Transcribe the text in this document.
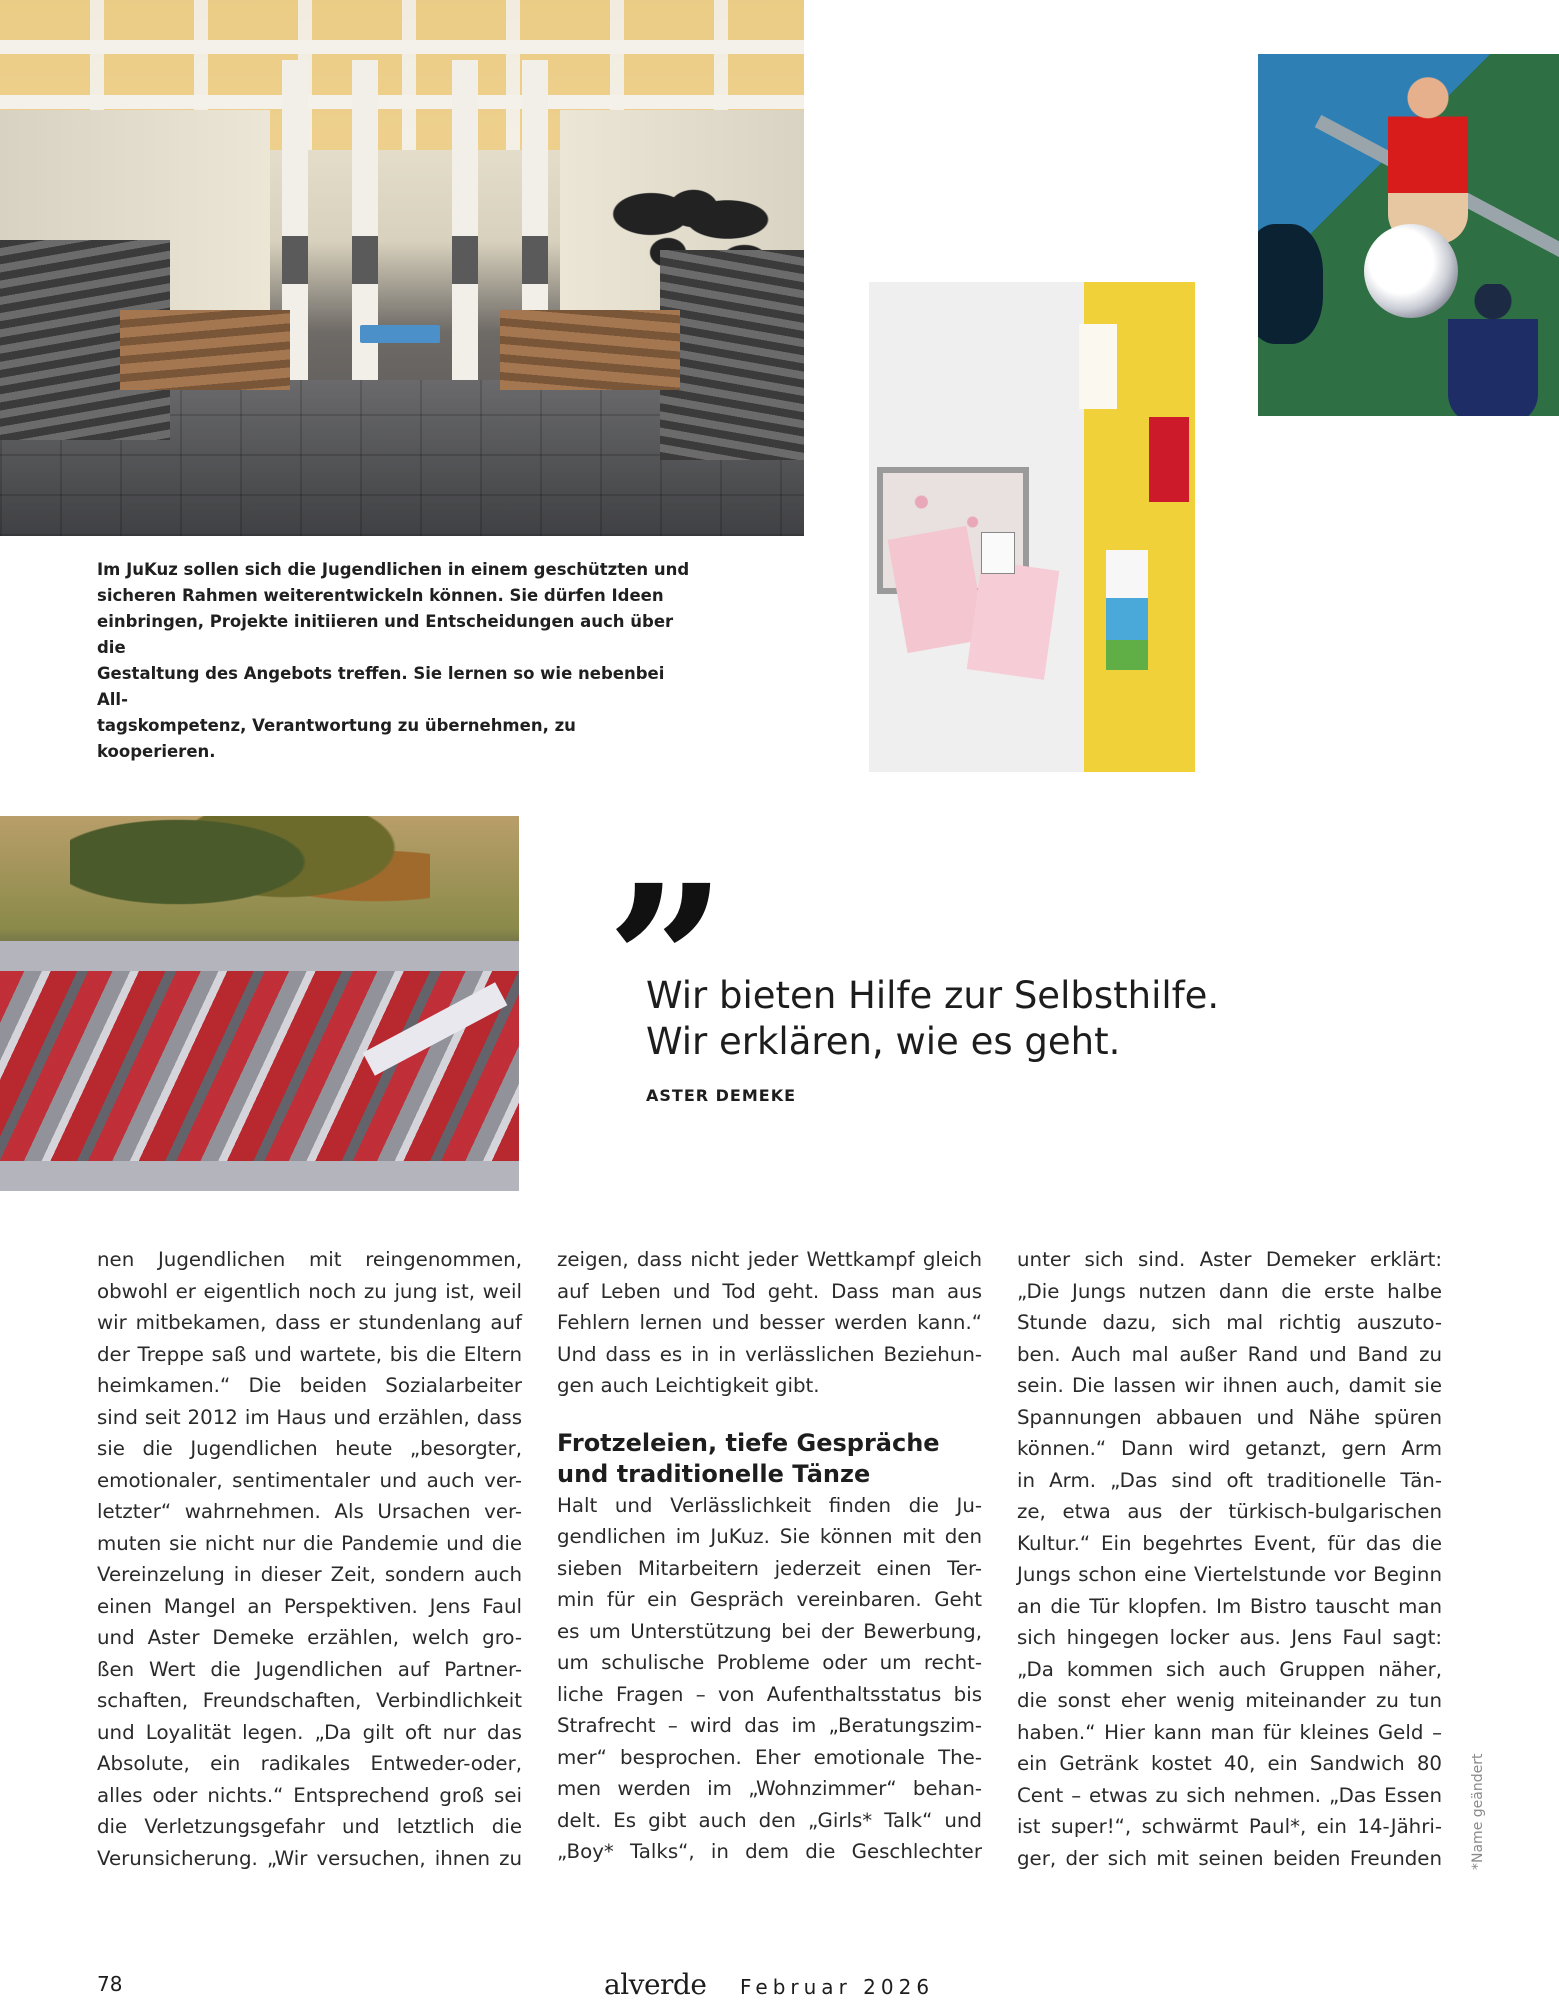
Im JuKuz sollen sich die Jugendlichen in einem geschützten und
sicheren Rahmen weiterentwickeln können. Sie dürfen Ideen
einbringen, Projekte initiieren und Entscheidungen auch über die
Gestaltung des Angebots treffen. Sie lernen so wie nebenbei All-
tagskompetenz, Verantwortung zu übernehmen, zu kooperieren.

”
Wir bieten Hilfe zur Selbsthilfe.
Wir erklären, wie es geht.
ASTER DEMEKE

nen Jugendlichen mit reingenommen,

obwohl er eigentlich noch zu jung ist, weil

wir mitbekamen, dass er stundenlang auf

der Treppe saß und wartete, bis die Eltern

heimkamen.“ Die beiden Sozialarbeiter

sind seit 2012 im Haus und erzählen, dass

sie die Jugendlichen heute „besorgter,

emotionaler, sentimentaler und auch ver-

letzter“ wahrnehmen. Als Ursachen ver-

muten sie nicht nur die Pandemie und die

Vereinzelung in dieser Zeit, sondern auch

einen Mangel an Perspektiven. Jens Faul

und Aster Demeke erzählen, welch gro-

ßen Wert die Jugendlichen auf Partner-

schaften, Freundschaften, Verbindlichkeit

und Loyalität legen. „Da gilt oft nur das

Absolute, ein radikales Entweder-oder,

alles oder nichts.“ Entsprechend groß sei

die Verletzungsgefahr und letztlich die

Verunsicherung. „Wir versuchen, ihnen zu

zeigen, dass nicht jeder Wettkampf gleich

auf Leben und Tod geht. Dass man aus

Fehlern lernen und besser werden kann.“

Und dass es in in verlässlichen Beziehun-

gen auch Leichtigkeit gibt.

Frotzeleien, tiefe Gespräche
und traditionelle Tänze

Halt und Verlässlichkeit finden die Ju-

gendlichen im JuKuz. Sie können mit den

sieben Mitarbeitern jederzeit einen Ter-

min für ein Gespräch vereinbaren. Geht

es um Unterstützung bei der Bewerbung,

um schulische Probleme oder um recht-

liche Fragen – von Aufenthaltsstatus bis

Strafrecht – wird das im „Beratungszim-

mer“ besprochen. Eher emotionale The-

men werden im „Wohnzimmer“ behan-

delt. Es gibt auch den „Girls* Talk“ und

„Boy* Talks“, in dem die Geschlechter

unter sich sind. Aster Demeker erklärt:

„Die Jungs nutzen dann die erste halbe

Stunde dazu, sich mal richtig auszuto-

ben. Auch mal außer Rand und Band zu

sein. Die lassen wir ihnen auch, damit sie

Spannungen abbauen und Nähe spüren

können.“ Dann wird getanzt, gern Arm

in Arm. „Das sind oft traditionelle Tän-

ze, etwa aus der türkisch-bulgarischen

Kultur.“ Ein begehrtes Event, für das die

Jungs schon eine Viertelstunde vor Beginn

an die Tür klopfen. Im Bistro tauscht man

sich hingegen locker aus. Jens Faul sagt:

„Da kommen sich auch Gruppen näher,

die sonst eher wenig miteinander zu tun

haben.“ Hier kann man für kleines Geld –

ein Getränk kostet 40, ein Sandwich 80

Cent – etwas zu sich nehmen. „Das Essen

ist super!“, schwärmt Paul*, ein 14-Jähri-

ger, der sich mit seinen beiden Freunden *Name geändert
78	alverde Februar 2026
